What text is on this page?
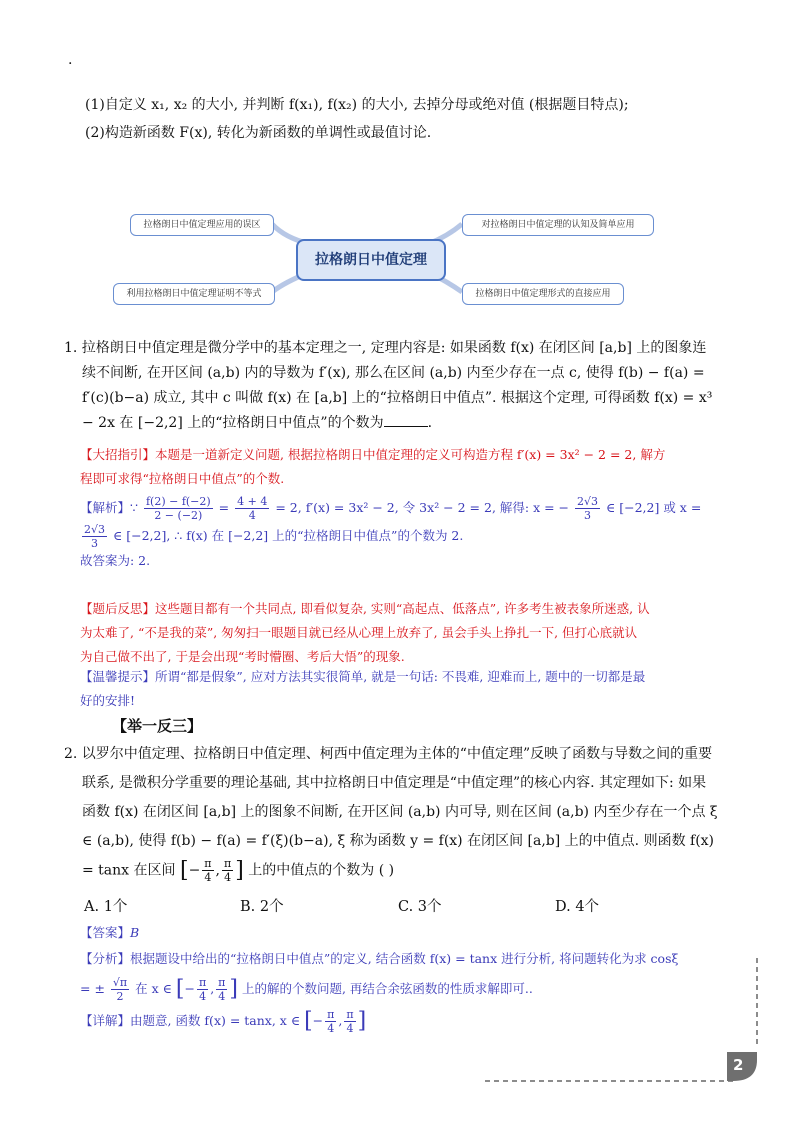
.
(1)自定义 x₁, x₂ 的大小, 并判断 f(x₁), f(x₂) 的大小, 去掉分母或绝对值 (根据题目特点);
(2)构造新函数 F(x), 转化为新函数的单调性或最值讨论.
拉格朗日中值定理应用的误区
利用拉格朗日中值定理证明不等式
对拉格朗日中值定理的认知及简单应用
拉格朗日中值定理形式的直接应用
拉格朗日中值定理
1. 拉格朗日中值定理是微分学中的基本定理之一, 定理内容是: 如果函数 f(x) 在闭区间 [a,b] 上的图象连
续不间断, 在开区间 (a,b) 内的导数为 f′(x), 那么在区间 (a,b) 内至少存在一点 c, 使得 f(b) − f(a) =
f′(c)(b−a) 成立, 其中 c 叫做 f(x) 在 [a,b] 上的“拉格朗日中值点”. 根据这个定理, 可得函数 f(x) = x³
− 2x 在 [−2,2] 上的“拉格朗日中值点”的个数为	.
【大招指引】本题是一道新定义问题, 根据拉格朗日中值定理的定义可构造方程 f′(x) = 3x² − 2 = 2, 解方
程即可求得“拉格朗日中值点”的个数.
【解析】∵ $\frac{f(2) - f(-2)}{2 - (-2)} = \frac{4 + 4}{4} = 2$, f′(x) = 3x² − 2, 令 3x² − 2 = 2, 解得: x = − $\frac{2√3}{3}$ ∈ [−2,2] 或 x =
$\frac{2√3}{3}$ ∈ [−2,2], ∴ f(x) 在 [−2,2] 上的“拉格朗日中值点”的个数为 2.
故答案为: 2.
【题后反思】这些题目都有一个共同点, 即看似复杂, 实则“高起点、低落点”, 许多考生被表象所迷惑, 认
为太难了, “不是我的菜”, 匆匆扫一眼题目就已经从心理上放弃了, 虽会手头上挣扎一下, 但打心底就认
为自己做不出了, 于是会出现“考时懵圈、考后大悟”的现象.
【温馨提示】所谓“都是假象”, 应对方法其实很简单, 就是一句话: 不畏难, 迎难而上, 题中的一切都是最
好的安排!
【举一反三】
2. 以罗尔中值定理、拉格朗日中值定理、柯西中值定理为主体的“中值定理”反映了函数与导数之间的重要
联系, 是微积分学重要的理论基础, 其中拉格朗日中值定理是“中值定理”的核心内容. 其定理如下: 如果
函数 f(x) 在闭区间 [a,b] 上的图象不间断, 在开区间 (a,b) 内可导, 则在区间 (a,b) 内至少存在一个点 ξ
∈ (a,b), 使得 f(b) − f(a) = f′(ξ)(b−a), ξ 称为函数 y = f(x) 在闭区间 [a,b] 上的中值点. 则函数 f(x)
= tanx 在区间 [− $\frac{\pi}{4}$ , $\frac{\pi}{4}$ ] 上的中值点的个数为 ( )
A. 1个	B. 2个	C. 3个	D. 4个
【答案】B
【分析】根据题设中给出的“拉格朗日中值点”的定义, 结合函数 f(x) = tanx 进行分析, 将问题转化为求 cosξ
= ± $\frac{√\pi}{2}$ 在 x ∈ [− $\frac{\pi}{4}$ , $\frac{\pi}{4}$ ] 上的解的个数问题, 再结合余弦函数的性质求解即可..
【详解】由题意, 函数 f(x) = tanx, x ∈ [− $\frac{\pi}{4}$ , $\frac{\pi}{4}$ ]
2
